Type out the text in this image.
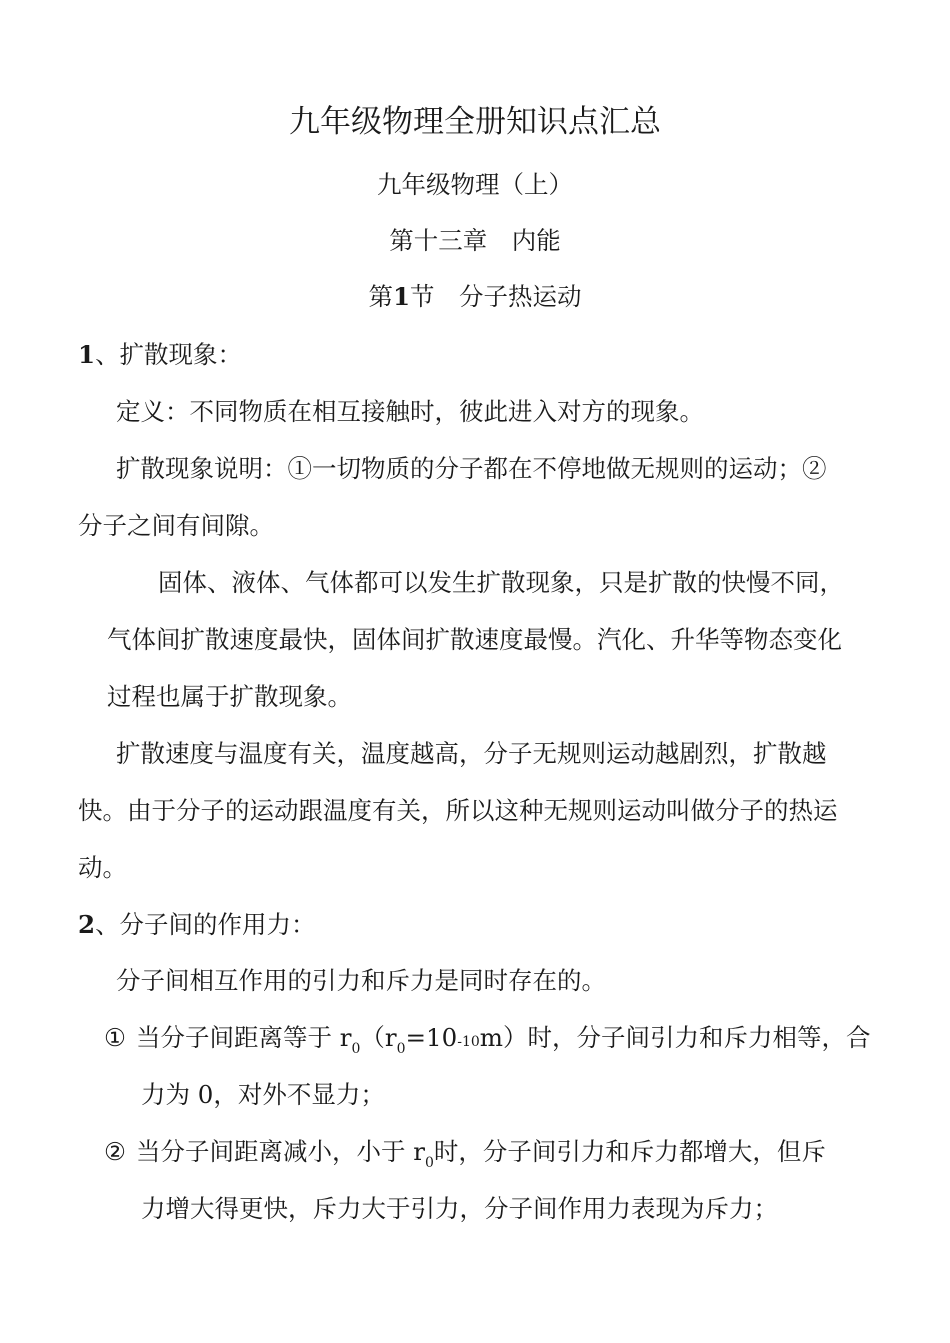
九年级物理全册知识点汇总
九年级物理（上）
第十三章　内能
第1节　分子热运动
1、扩散现象：
定义：不同物质在相互接触时，彼此进入对方的现象。
扩散现象说明：①一切物质的分子都在不停地做无规则的运动；②
分子之间有间隙。
固体、液体、气体都可以发生扩散现象，只是扩散的快慢不同，
气体间扩散速度最快，固体间扩散速度最慢。汽化、升华等物态变化
过程也属于扩散现象。
扩散速度与温度有关，温度越高，分子无规则运动越剧烈，扩散越
快。由于分子的运动跟温度有关，所以这种无规则运动叫做分子的热运
动。
2、分子间的作用力：
分子间相互作用的引力和斥力是同时存在的。
① 当分子间距离等于 $r_0(r_0=10-10m)$时，分子间引力和斥力相等，合
力为 0，对外不显力；
② 当分子间距离减小，小于 $r_0$时，分子间引力和斥力都增大，但斥
力增大得更快，斥力大于引力，分子间作用力表现为斥力；
